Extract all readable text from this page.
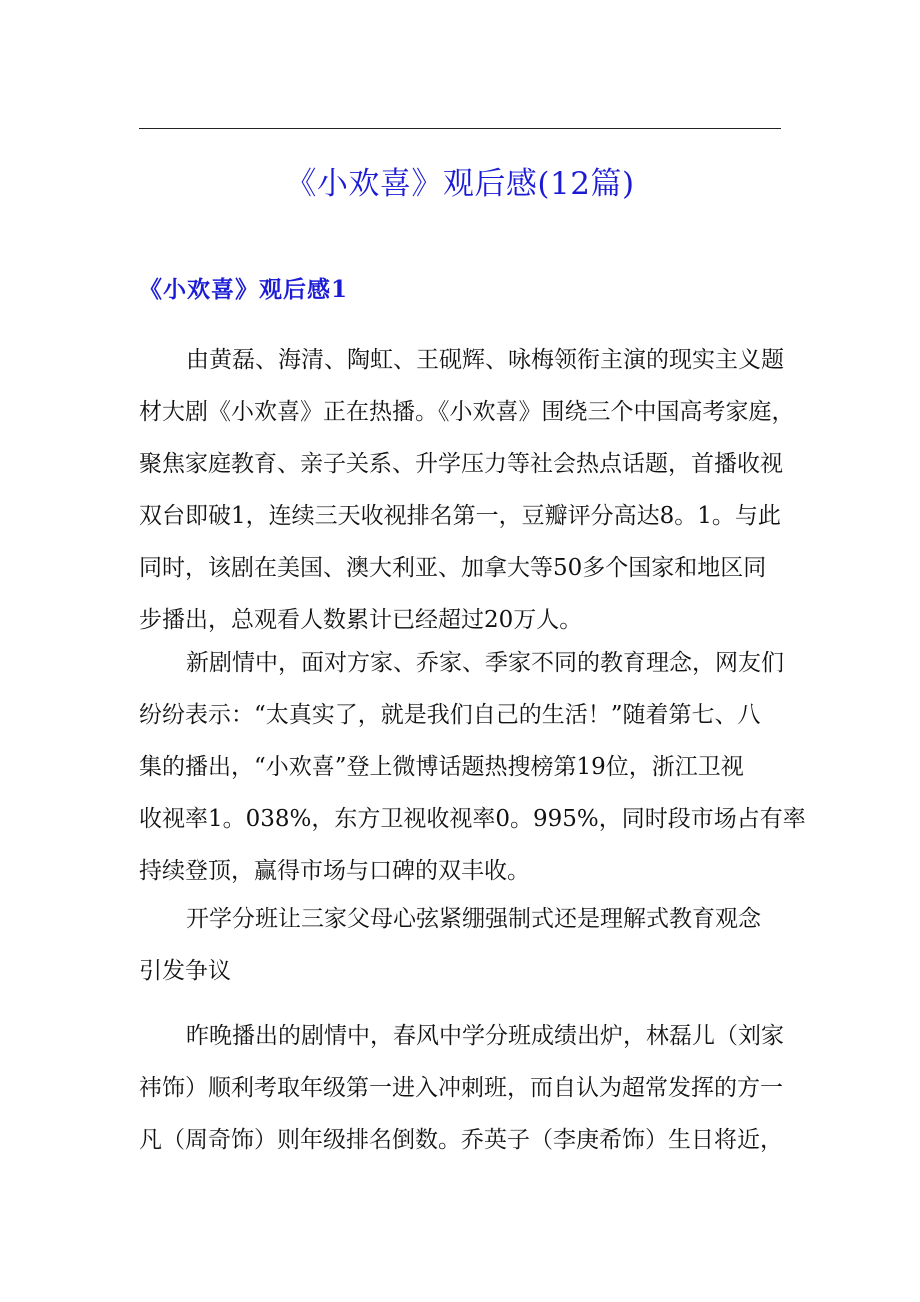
《小欢喜》观后感(12篇)
《小欢喜》观后感1

由黄磊、海清、陶虹、王砚辉、咏梅领衔主演的现实主义题
材大剧《小欢喜》正在热播。《小欢喜》围绕三个中国高考家庭，
聚焦家庭教育、亲子关系、升学压力等社会热点话题，首播收视
双台即破1，连续三天收视排名第一，豆瓣评分高达8。1。与此
同时，该剧在美国、澳大利亚、加拿大等50多个国家和地区同
步播出，总观看人数累计已经超过20万人。

新剧情中，面对方家、乔家、季家不同的教育理念，网友们
纷纷表示：“太真实了，就是我们自己的生活！”随着第七、八
集的播出，“小欢喜”登上微博话题热搜榜第19位，浙江卫视
收视率1。038%，东方卫视收视率0。995%，同时段市场占有率
持续登顶，赢得市场与口碑的双丰收。

开学分班让三家父母心弦紧绷强制式还是理解式教育观念
引发争议

昨晚播出的剧情中，春风中学分班成绩出炉，林磊儿（刘家
祎饰）顺利考取年级第一进入冲刺班，而自认为超常发挥的方一
凡（周奇饰）则年级排名倒数。乔英子（李庚希饰）生日将近，
